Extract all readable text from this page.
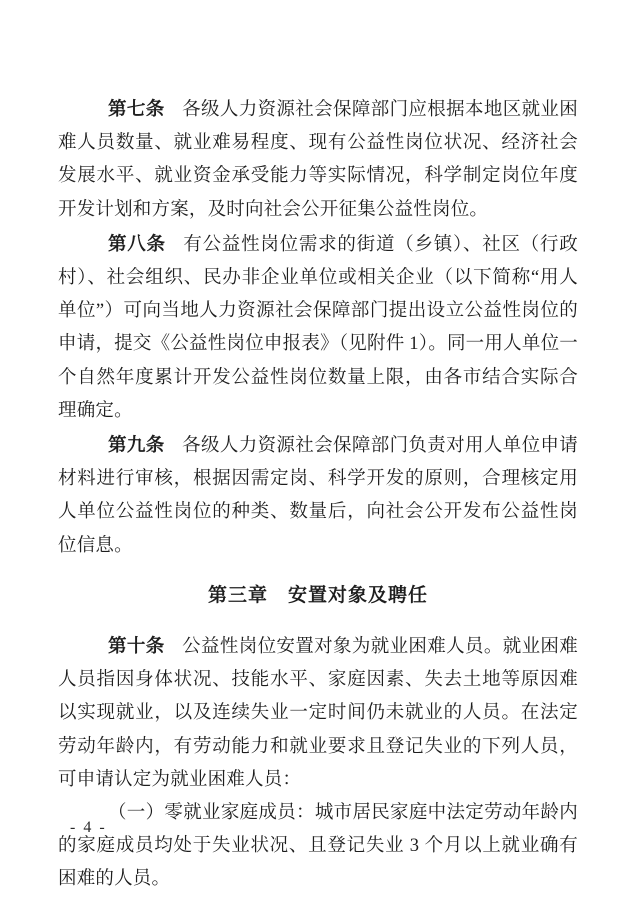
第七条 各级人力资源社会保障部门应根据本地区就业困难人员数量、就业难易程度、现有公益性岗位状况、经济社会发展水平、就业资金承受能力等实际情况，科学制定岗位年度开发计划和方案，及时向社会公开征集公益性岗位。

第八条 有公益性岗位需求的街道（乡镇）、社区（行政村）、社会组织、民办非企业单位或相关企业（以下简称“用人单位”）可向当地人力资源社会保障部门提出设立公益性岗位的申请，提交《公益性岗位申报表》（见附件 1）。同一用人单位一个自然年度累计开发公益性岗位数量上限，由各市结合实际合理确定。

第九条 各级人力资源社会保障部门负责对用人单位申请材料进行审核，根据因需定岗、科学开发的原则，合理核定用人单位公益性岗位的种类、数量后，向社会公开发布公益性岗位信息。

第三章　安置对象及聘任

第十条 公益性岗位安置对象为就业困难人员。就业困难人员指因身体状况、技能水平、家庭因素、失去土地等原因难以实现就业，以及连续失业一定时间仍未就业的人员。在法定劳动年龄内，有劳动能力和就业要求且登记失业的下列人员，可申请认定为就业困难人员：

（一）零就业家庭成员：城市居民家庭中法定劳动年龄内的家庭成员均处于失业状况、且登记失业 3 个月以上就业确有困难的人员。

- 4 -
